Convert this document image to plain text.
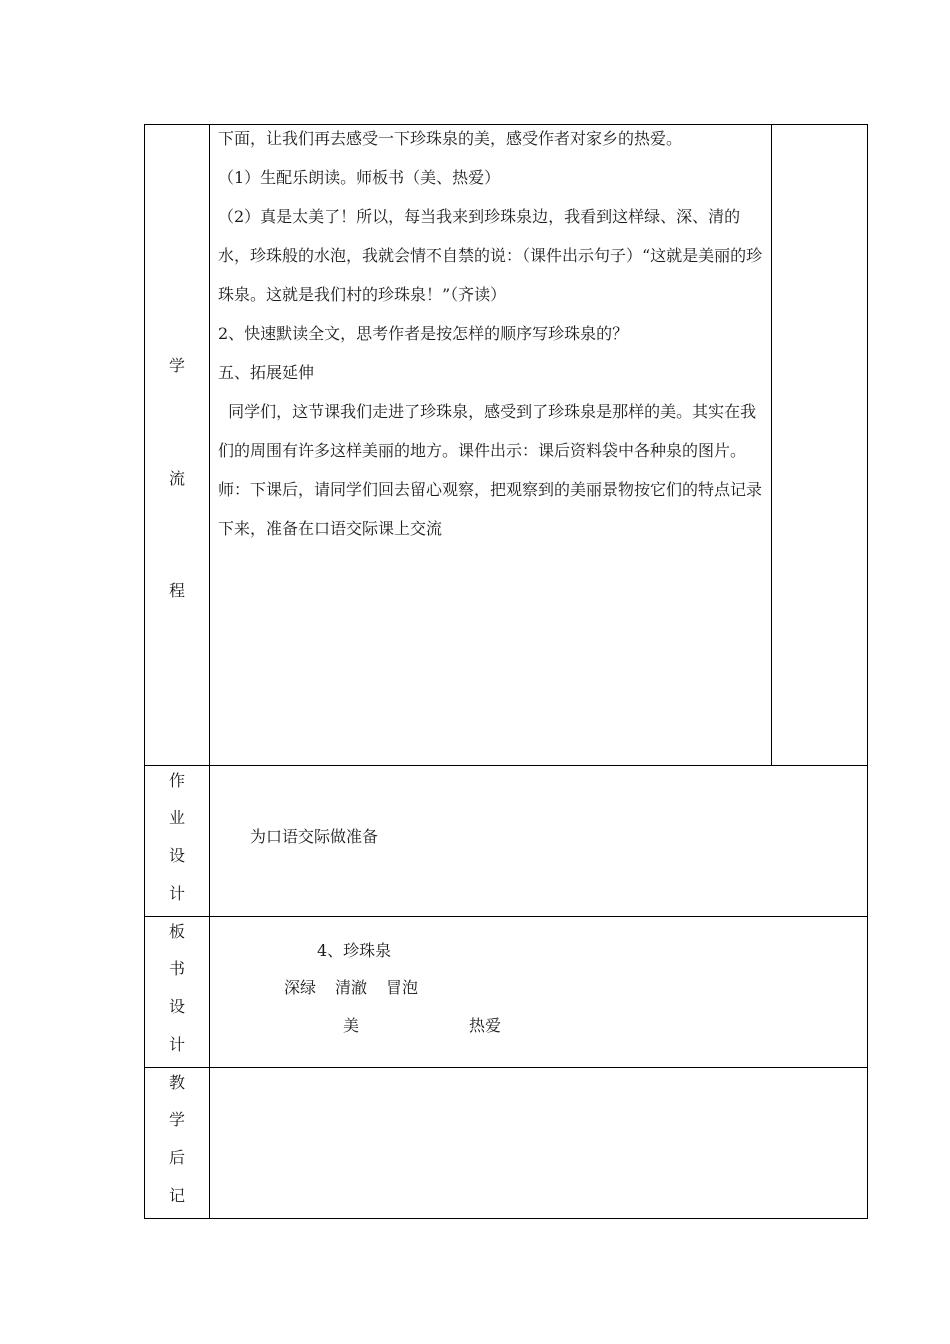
学
流
程

下面，让我们再去感受一下珍珠泉的美，感受作者对家乡的热爱。

（1）生配乐朗读。师板书（美、热爱）

（2）真是太美了！所以，每当我来到珍珠泉边，我看到这样绿、深、清的水，珍珠般的水泡，我就会情不自禁的说：（课件出示句子）“这就是美丽的珍珠泉。这就是我们村的珍珠泉！”（齐读）

2、快速默读全文，思考作者是按怎样的顺序写珍珠泉的？

五、拓展延伸

同学们，这节课我们走进了珍珠泉，感受到了珍珠泉是那样的美。其实在我们的周围有许多这样美丽的地方。课件出示：课后资料袋中各种泉的图片。

师：下课后，请同学们回去留心观察，把观察到的美丽景物按它们的特点记录下来，准备在口语交际课上交流

作
业
设
计
为口语交际做准备
板
书
设
计
4、珍珠泉
深绿 清澈 冒泡
美	热爱
教
学
后
记
